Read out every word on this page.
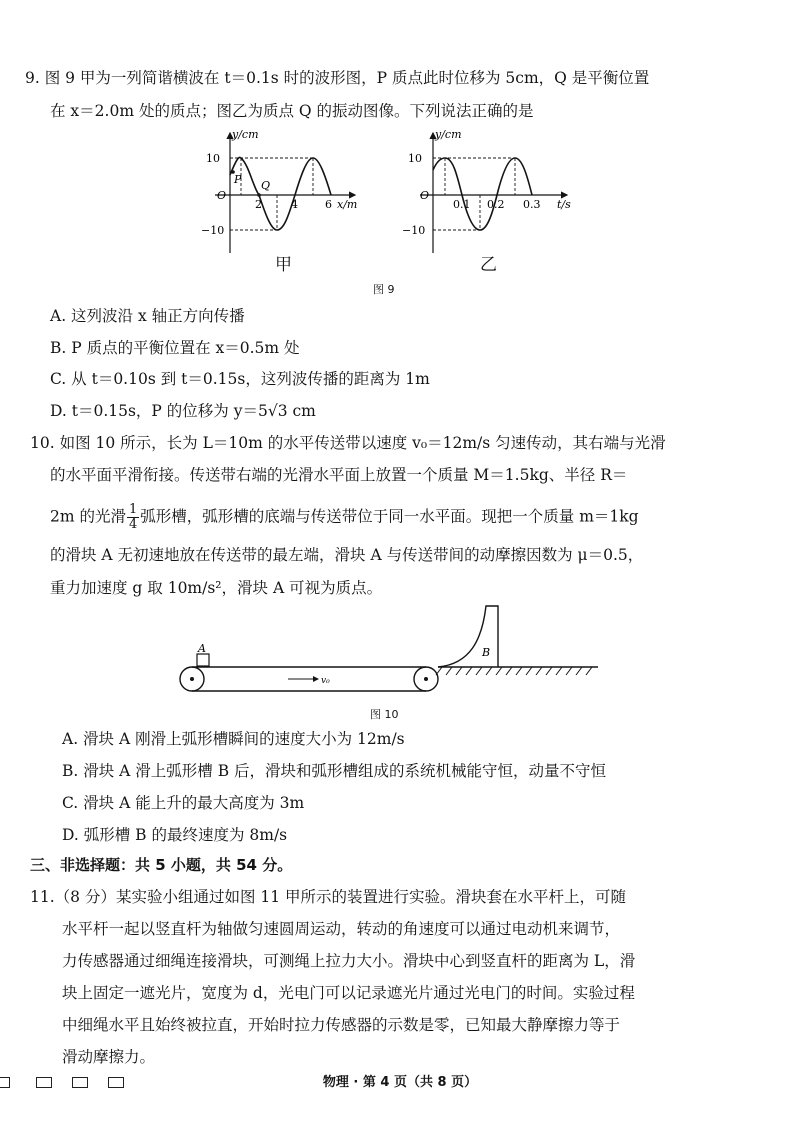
9. 图 9 甲为一列简谐横波在 t＝0.1s 时的波形图，P 质点此时位移为 5cm，Q 是平衡位置
在 x＝2.0m 处的质点；图乙为质点 Q 的振动图像。下列说法正确的是
y/cm
10
−10
O
2	4 6 x/m
P Q
y/cm
10
−10
O
0.1 0.2 0.3 t/s
甲	乙
图 9
A. 这列波沿 x 轴正方向传播
B. P 质点的平衡位置在 x＝0.5m 处
C. 从 t＝0.10s 到 t＝0.15s，这列波传播的距离为 1m
D. t＝0.15s，P 的位移为 y＝5√3 cm
10. 如图 10 所示，长为 L＝10m 的水平传送带以速度 v₀＝12m/s 匀速传动，其右端与光滑
的水平面平滑衔接。传送带右端的光滑水平面上放置一个质量 M＝1.5kg、半径 R＝
2m 的光滑 $\frac{1}{4}$ 弧形槽，弧形槽的底端与传送带位于同一水平面。现把一个质量 m＝1kg
的滑块 A 无初速地放在传送带的最左端，滑块 A 与传送带间的动摩擦因数为 μ＝0.5，
重力加速度 g 取 10m/s²，滑块 A 可视为质点。
A
v₀
B
图 10
A. 滑块 A 刚滑上弧形槽瞬间的速度大小为 12m/s
B. 滑块 A 滑上弧形槽 B 后，滑块和弧形槽组成的系统机械能守恒，动量不守恒
C. 滑块 A 能上升的最大高度为 3m
D. 弧形槽 B 的最终速度为 8m/s
三、非选择题：共 5 小题，共 54 分。
11.（8 分）某实验小组通过如图 11 甲所示的装置进行实验。滑块套在水平杆上，可随
水平杆一起以竖直杆为轴做匀速圆周运动，转动的角速度可以通过电动机来调节，
力传感器通过细绳连接滑块，可测绳上拉力大小。滑块中心到竖直杆的距离为 L，滑
块上固定一遮光片，宽度为 d，光电门可以记录遮光片通过光电门的时间。实验过程
中细绳水平且始终被拉直，开始时拉力传感器的示数是零，已知最大静摩擦力等于
滑动摩擦力。
物理 · 第 4 页（共 8 页）
